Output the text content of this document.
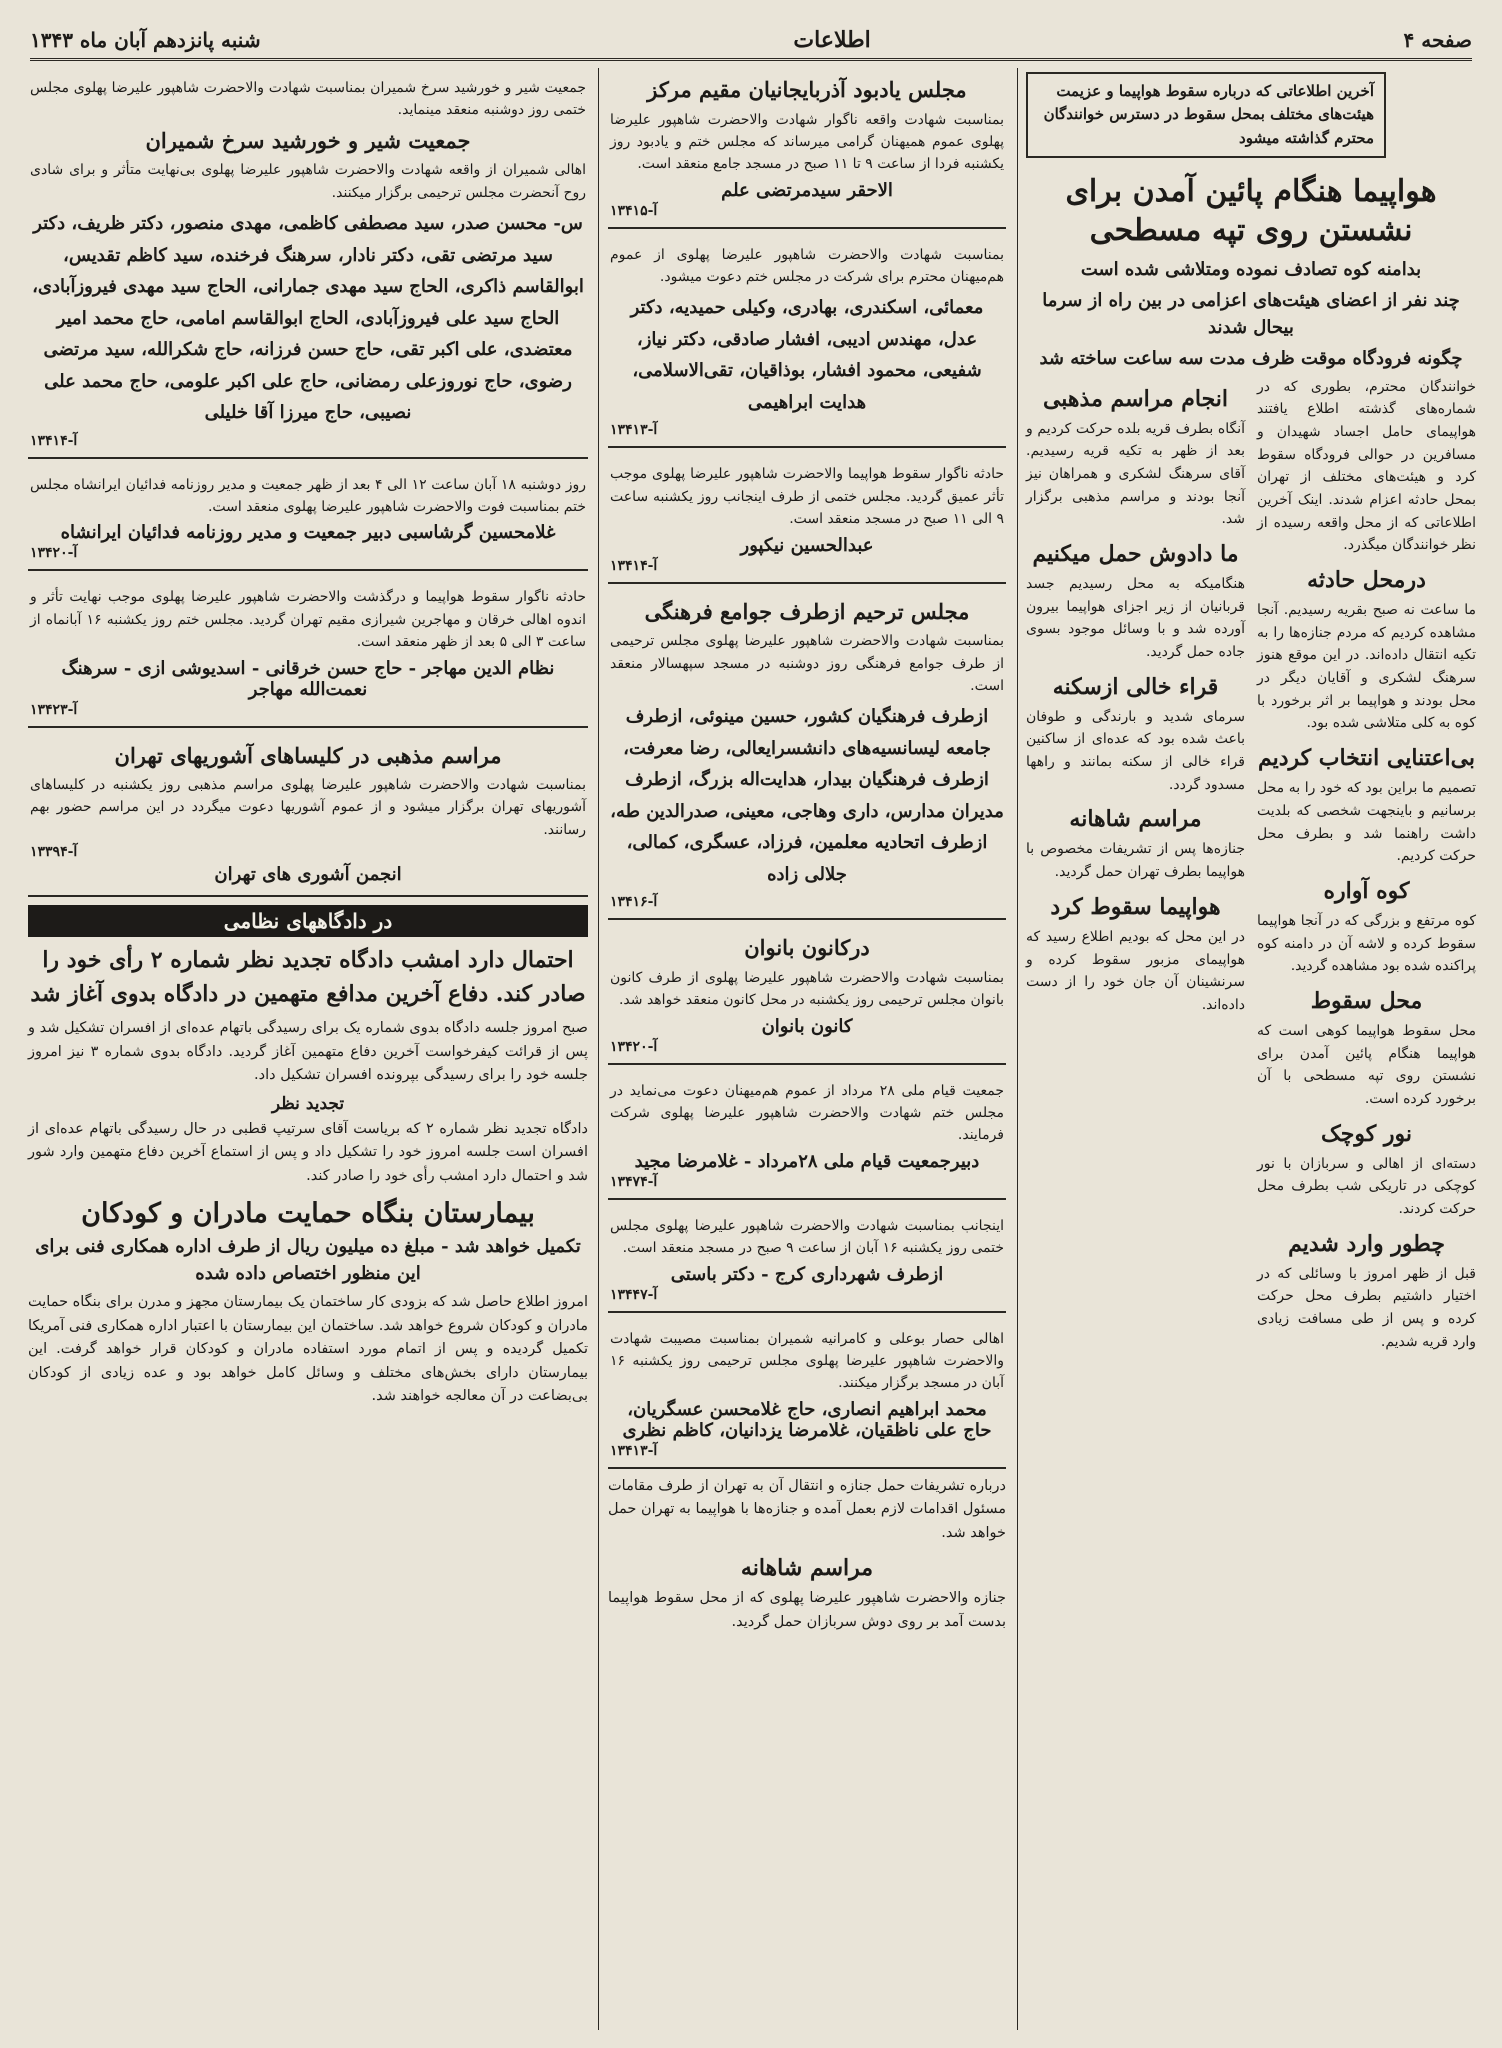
صفحه ۴
اطلاعات
شنبه پانزدهم آبان ماه ۱۳۴۳
آخرین اطلاعاتی که درباره سقوط هواپیما و عزیمت هیئت‌های مختلف بمحل سقوط در دسترس خوانندگان محترم گذاشته میشود
هواپیما هنگام پائین آمدن برای نشستن روی تپه مسطحی
بدامنه کوه تصادف نموده ومتلاشی شده است
چند نفر از اعضای هیئت‌های اعزامی در بین راه از سرما بیحال شدند
چگونه فرودگاه موقت ظرف مدت سه ساعت ساخته شد

خوانندگان محترم، بطوری که در شماره‌های گذشته اطلاع یافتند هواپیمای حامل اجساد شهیدان و مسافرین در حوالی فرودگاه سقوط کرد و هیئت‌های مختلف از تهران بمحل حادثه اعزام شدند. اینک آخرین اطلاعاتی که از محل واقعه رسیده از نظر خوانندگان میگذرد.

درمحل حادثه

ما ساعت نه صبح بقریه رسیدیم. آنجا مشاهده کردیم که مردم جنازه‌ها را به تکیه انتقال داده‌اند. در این موقع هنوز سرهنگ لشکری و آقایان دیگر در محل بودند و هواپیما بر اثر برخورد با کوه به کلی متلاشی شده بود.

بی‌اعتنایی انتخاب کردیم

تصمیم ما براین بود که خود را به محل برسانیم و باینجهت شخصی که بلدیت داشت راهنما شد و بطرف محل حرکت کردیم.

کوه آواره

کوه مرتفع و بزرگی که در آنجا هواپیما سقوط کرده و لاشه آن در دامنه کوه پراکنده شده بود مشاهده گردید.

محل سقوط

محل سقوط هواپیما کوهی است که هواپیما هنگام پائین آمدن برای نشستن روی تپه مسطحی با آن برخورد کرده است.

نور کوچک

دسته‌ای از اهالی و سربازان با نور کوچکی در تاریکی شب بطرف محل حرکت کردند.

چطور وارد شدیم

قبل از ظهر امروز با وسائلی که در اختیار داشتیم بطرف محل حرکت کرده و پس از طی مسافت زیادی وارد قریه شدیم.

انجام مراسم مذهبی

آنگاه بطرف قریه بلده حرکت کردیم و بعد از ظهر به تکیه قریه رسیدیم. آقای سرهنگ لشکری و همراهان نیز آنجا بودند و مراسم مذهبی برگزار شد.

ما دادوش حمل میکنیم

هنگامیکه به محل رسیدیم جسد قربانیان از زیر اجزای هواپیما بیرون آورده شد و با وسائل موجود بسوی جاده حمل گردید.

قراء خالی ازسکنه

سرمای شدید و بارندگی و طوفان باعث شده بود که عده‌ای از ساکنین قراء خالی از سکنه بمانند و راهها مسدود گردد.

مراسم شاهانه

جنازه‌ها پس از تشریفات مخصوص با هواپیما بطرف تهران حمل گردید.

هواپیما سقوط کرد

در این محل که بودیم اطلاع رسید که هواپیمای مزبور سقوط کرده و سرنشینان آن جان خود را از دست داده‌اند.

مجلس یادبود آذربایجانیان مقیم مرکز

بمناسبت شهادت واقعه ناگوار شهادت والاحضرت شاهپور علیرضا پهلوی عموم همیهنان گرامی میرساند که مجلس ختم و یادبود روز یکشنبه فردا از ساعت ۹ تا ۱۱ صبح در مسجد جامع منعقد است.

الاحقر سیدمرتضی علم
آ-۱۳۴۱۵

بمناسبت شهادت والاحضرت شاهپور علیرضا پهلوی از عموم هم‌میهنان محترم برای شرکت در مجلس ختم دعوت میشود.

معمائی، اسکندری، بهادری، وکیلی حمیدیه، دکتر عدل، مهندس ادیبی، افشار صادقی، دکتر نیاز، شفیعی، محمود افشار، بوذاقیان، تقی‌الاسلامی، هدایت ابراهیمی
آ-۱۳۴۱۳

حادثه ناگوار سقوط هواپیما والاحضرت شاهپور علیرضا پهلوی موجب تأثر عمیق گردید. مجلس ختمی از طرف اینجانب روز یکشنبه ساعت ۹ الی ۱۱ صبح در مسجد منعقد است.

عبدالحسین نیکپور
آ-۱۳۴۱۴
مجلس ترحیم ازطرف جوامع فرهنگی

بمناسبت شهادت والاحضرت شاهپور علیرضا پهلوی مجلس ترحیمی از طرف جوامع فرهنگی روز دوشنبه در مسجد سپهسالار منعقد است.

ازطرف فرهنگیان کشور، حسین مینوئی، ازطرف جامعه لیسانسیه‌های دانشسرایعالی، رضا معرفت، ازطرف فرهنگیان بیدار، هدایت‌اله بزرگ، ازطرف مدیران مدارس، داری وهاجی، معینی، صدرالدین طه، ازطرف اتحادیه معلمین، فرزاد، عسگری، کمالی، جلالی زاده
آ-۱۳۴۱۶
درکانون بانوان

بمناسبت شهادت والاحضرت شاهپور علیرضا پهلوی از طرف کانون بانوان مجلس ترحیمی روز یکشنبه در محل کانون منعقد خواهد شد.

کانون بانوان
آ-۱۳۴۲۰

جمعیت قیام ملی ۲۸ مرداد از عموم هم‌میهنان دعوت می‌نماید در مجلس ختم شهادت والاحضرت شاهپور علیرضا پهلوی شرکت فرمایند.

دبیرجمعیت قیام ملی ۲۸مرداد - غلامرضا مجید
آ-۱۳۴۷۴

اینجانب بمناسبت شهادت والاحضرت شاهپور علیرضا پهلوی مجلس ختمی روز یکشنبه ۱۶ آبان از ساعت ۹ صبح در مسجد منعقد است.

ازطرف شهرداری کرج - دکتر باستی
آ-۱۳۴۴۷

اهالی حصار بوعلی و کامرانیه شمیران بمناسبت مصیبت شهادت والاحضرت شاهپور علیرضا پهلوی مجلس ترحیمی روز یکشنبه ۱۶ آبان در مسجد برگزار میکنند.

محمد ابراهیم انصاری، حاج غلامحسن عسگریان، حاج علی ناظقیان، غلامرضا یزدانیان، کاظم نظری
آ-۱۳۴۱۳

درباره تشریفات حمل جنازه و انتقال آن به تهران از طرف مقامات مسئول اقدامات لازم بعمل آمده و جنازه‌ها با هواپیما به تهران حمل خواهد شد.

مراسم شاهانه

جنازه والاحضرت شاهپور علیرضا پهلوی که از محل سقوط هواپیما بدست آمد بر روی دوش سربازان حمل گردید.

جمعیت شیر و خورشید سرخ شمیران بمناسبت شهادت والاحضرت شاهپور علیرضا پهلوی مجلس ختمی روز دوشنبه منعقد مینماید.

جمعیت شیر و خورشید سرخ شمیران

اهالی شمیران از واقعه شهادت والاحضرت شاهپور علیرضا پهلوی بی‌نهایت متأثر و برای شادی روح آنحضرت مجلس ترحیمی برگزار میکنند.

س- محسن صدر، سید مصطفی کاظمی، مهدی منصور، دکتر ظریف، دکتر سید مرتضی تقی، دکتر نادار، سرهنگ فرخنده، سید کاظم تقدیس، ابوالقاسم ذاکری، الحاج سید مهدی جمارانی، الحاج سید مهدی فیروزآبادی، الحاج سید علی فیروزآبادی، الحاج ابوالقاسم امامی، حاج محمد امیر معتضدی، علی اکبر تقی، حاج حسن فرزانه، حاج شکرالله، سید مرتضی رضوی، حاج نوروزعلی رمضانی، حاج علی اکبر علومی، حاج محمد علی نصیبی، حاج میرزا آقا خلیلی
آ-۱۳۴۱۴

روز دوشنبه ۱۸ آبان ساعت ۱۲ الی ۴ بعد از ظهر جمعیت و مدیر روزنامه فدائیان ایرانشاه مجلس ختم بمناسبت فوت والاحضرت شاهپور علیرضا پهلوی منعقد است.

غلامحسین گرشاسبی دبیر جمعیت و مدیر روزنامه فدائیان ایرانشاه
آ-۱۳۴۲۰

حادثه ناگوار سقوط هواپیما و درگذشت والاحضرت شاهپور علیرضا پهلوی موجب نهایت تأثر و اندوه اهالی خرقان و مهاجرین شیرازی مقیم تهران گردید. مجلس ختم روز یکشنبه ۱۶ آبانماه از ساعت ۳ الی ۵ بعد از ظهر منعقد است.

نظام الدین مهاجر - حاج حسن خرقانی - اسدیوشی ازی - سرهنگ نعمت‌الله مهاجر
آ-۱۳۴۲۳
مراسم مذهبی در کلیساهای آشوریهای تهران

بمناسبت شهادت والاحضرت شاهپور علیرضا پهلوی مراسم مذهبی روز یکشنبه در کلیساهای آشوریهای تهران برگزار میشود و از عموم آشوریها دعوت میگردد در این مراسم حضور بهم رسانند.

آ-۱۳۳۹۴
انجمن آشوری های تهران
در دادگاههای نظامی
احتمال دارد امشب دادگاه تجدید نظر شماره ۲ رأی خود را صادر کند. دفاع آخرین مدافع متهمین در دادگاه بدوی آغاز شد

صبح امروز جلسه دادگاه بدوی شماره یک برای رسیدگی باتهام عده‌ای از افسران تشکیل شد و پس از قرائت کیفرخواست آخرین دفاع متهمین آغاز گردید. دادگاه بدوی شماره ۳ نیز امروز جلسه خود را برای رسیدگی بپرونده افسران تشکیل داد.

تجدید نظر

دادگاه تجدید نظر شماره ۲ که بریاست آقای سرتیپ قطبی در حال رسیدگی باتهام عده‌ای از افسران است جلسه امروز خود را تشکیل داد و پس از استماع آخرین دفاع متهمین وارد شور شد و احتمال دارد امشب رأی خود را صادر کند.

بیمارستان بنگاه حمایت مادران و کودکان
تکمیل خواهد شد - مبلغ ده میلیون ریال از طرف اداره همکاری فنی برای این منظور اختصاص داده شده

امروز اطلاع حاصل شد که بزودی کار ساختمان یک بیمارستان مجهز و مدرن برای بنگاه حمایت مادران و کودکان شروع خواهد شد. ساختمان این بیمارستان با اعتبار اداره همکاری فنی آمریکا تکمیل گردیده و پس از اتمام مورد استفاده مادران و کودکان قرار خواهد گرفت. این بیمارستان دارای بخش‌های مختلف و وسائل کامل خواهد بود و عده زیادی از کودکان بی‌بضاعت در آن معالجه خواهند شد.
